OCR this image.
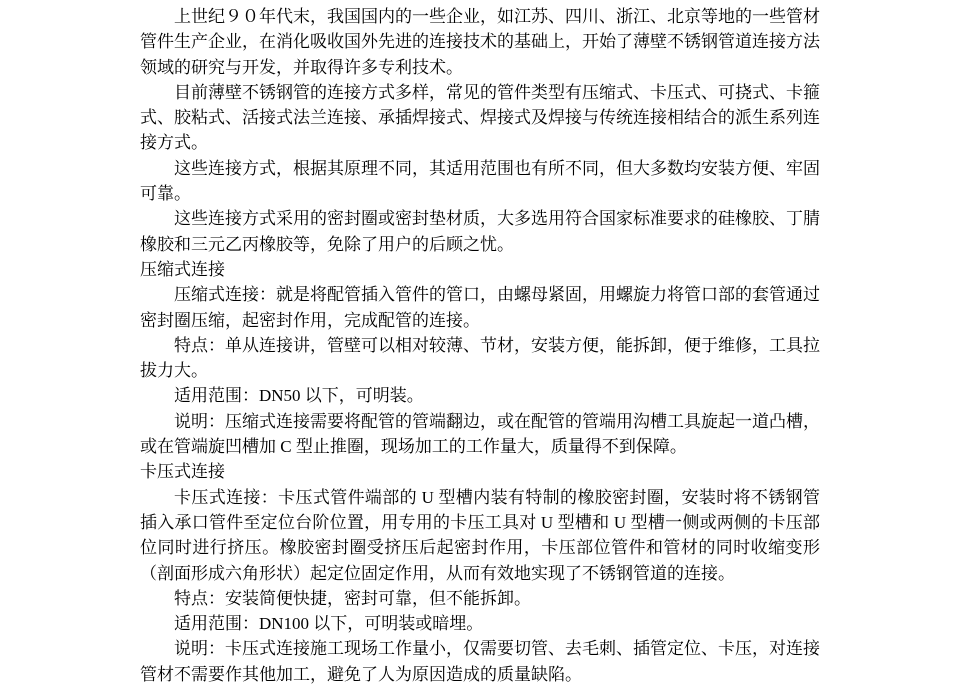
上世纪９０年代末，我国国内的一些企业，如江苏、四川、浙江、北京等地的一些管材管件生产企业，在消化吸收国外先进的连接技术的基础上，开始了薄壁不锈钢管道连接方法领域的研究与开发，并取得许多专利技术。

目前薄壁不锈钢管的连接方式多样，常见的管件类型有压缩式、卡压式、可挠式、卡箍式、胶粘式、活接式法兰连接、承插焊接式、焊接式及焊接与传统连接相结合的派生系列连接方式。

这些连接方式，根据其原理不同，其适用范围也有所不同，但大多数均安装方便、牢固可靠。

这些连接方式采用的密封圈或密封垫材质，大多选用符合国家标准要求的硅橡胶、丁腈橡胶和三元乙丙橡胶等，免除了用户的后顾之忧。

压缩式连接

压缩式连接：就是将配管插入管件的管口，由螺母紧固，用螺旋力将管口部的套管通过密封圈压缩，起密封作用，完成配管的连接。

特点：单从连接讲，管壁可以相对较薄、节材，安装方便，能拆卸，便于维修，工具拉拔力大。

适用范围：DN50 以下，可明装。

说明：压缩式连接需要将配管的管端翻边，或在配管的管端用沟槽工具旋起一道凸槽，或在管端旋凹槽加 C 型止推圈，现场加工的工作量大，质量得不到保障。

卡压式连接

卡压式连接：卡压式管件端部的 U 型槽内装有特制的橡胶密封圈，安装时将不锈钢管插入承口管件至定位台阶位置，用专用的卡压工具对 U 型槽和 U 型槽一侧或两侧的卡压部位同时进行挤压。橡胶密封圈受挤压后起密封作用，卡压部位管件和管材的同时收缩变形（剖面形成六角形状）起定位固定作用，从而有效地实现了不锈钢管道的连接。

特点：安装简便快捷，密封可靠，但不能拆卸。

适用范围：DN100 以下，可明装或暗埋。

说明：卡压式连接施工现场工作量小，仅需要切管、去毛刺、插管定位、卡压，对连接管材不需要作其他加工，避免了人为原因造成的质量缺陷。
